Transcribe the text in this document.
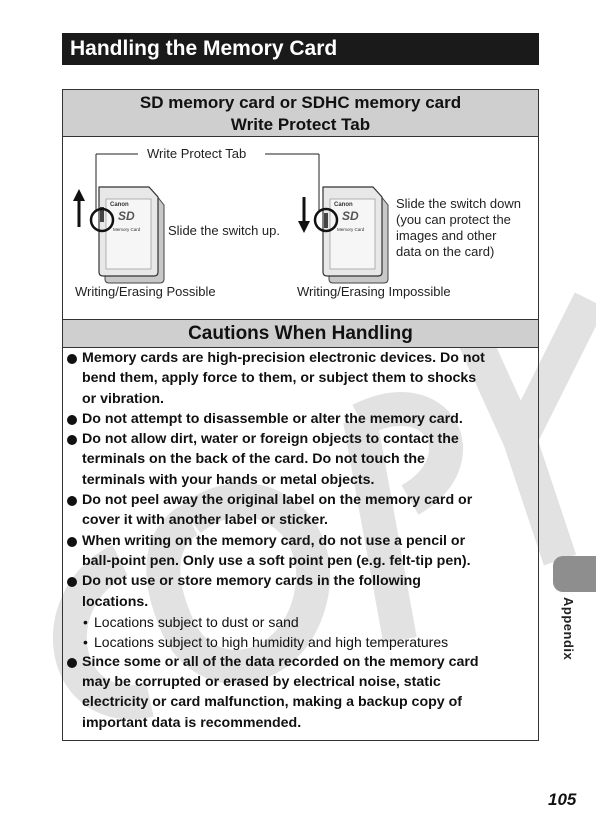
Handling the Memory Card
SD memory card or SDHC memory card
Write Protect Tab
Canon
SD
Memory Card
Canon
SD
Memory Card
Write Protect Tab
Slide the switch up.
Slide the switch down
(you can protect the
images and other
data on the card)
Writing/Erasing Possible	Writing/Erasing Impossible
Cautions When Handling
Memory cards are high-precision electronic devices. Do not
bend them, apply force to them, or subject them to shocks
or vibration.
Do not attempt to disassemble or alter the memory card.
Do not allow dirt, water or foreign objects to contact the
terminals on the back of the card. Do not touch the
terminals with your hands or metal objects.
Do not peel away the original label on the memory card or
cover it with another label or sticker.
When writing on the memory card, do not use a pencil or
ball-point pen. Only use a soft point pen (e.g. felt-tip pen).
Do not use or store memory cards in the following
locations.
• Locations subject to dust or sand
• Locations subject to high humidity and high temperatures
Since some or all of the data recorded on the memory card
may be corrupted or erased by electrical noise, static
electricity or card malfunction, making a backup copy of
important data is recommended.
Appendix
105
